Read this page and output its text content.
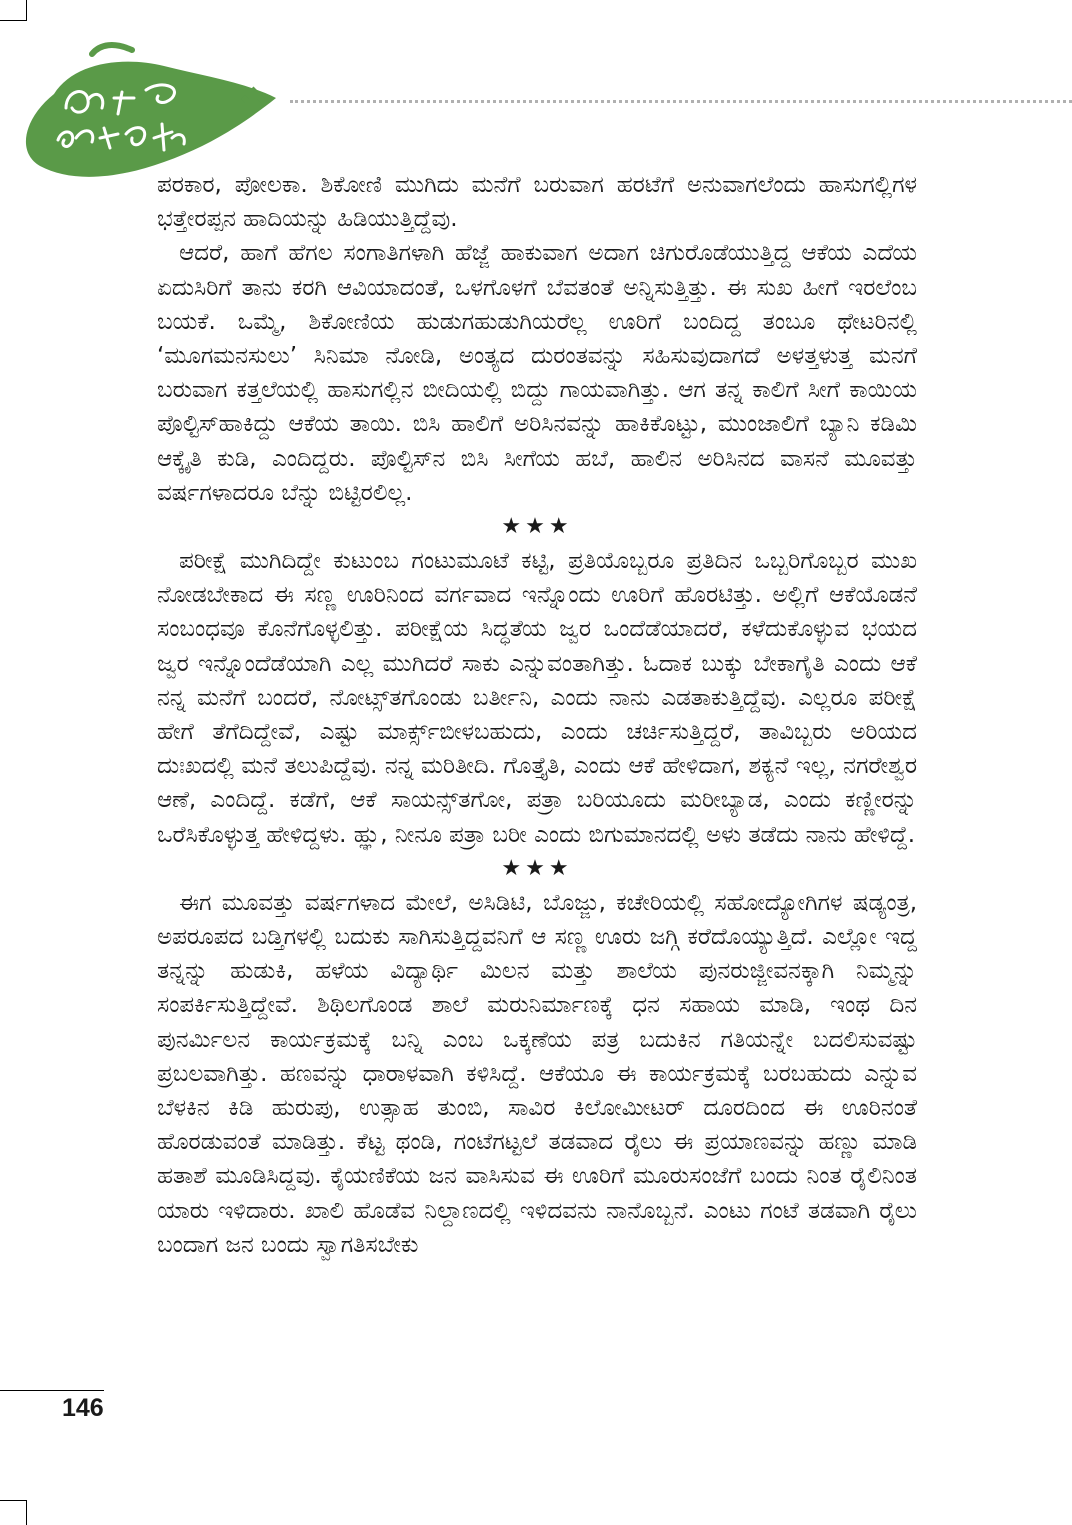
ಪರಕಾರ, ಪೋಲಕಾ. ಶಿಕೋಣಿ ಮುಗಿದು ಮನೆಗೆ ಬರುವಾಗ ಹರಟೆಗೆ ಅನುವಾಗಲೆಂದು ಹಾಸುಗಲ್ಲಿಗಳ ಭತ್ತೇರಪ್ಪನ ಹಾದಿಯನ್ನು ಹಿಡಿಯುತ್ತಿದ್ದೆವು.

ಆದರೆ, ಹಾಗೆ ಹೆಗಲ ಸಂಗಾತಿಗಳಾಗಿ ಹೆಜ್ಜೆ ಹಾಕುವಾಗ ಅದಾಗ ಚಿಗುರೊಡೆಯುತ್ತಿದ್ದ ಆಕೆಯ ಎದೆಯ ಏದುಸಿರಿಗೆ ತಾನು ಕರಗಿ ಆವಿಯಾದಂತೆ, ಒಳಗೊಳಗೆ ಬೆವತಂತೆ ಅನ್ನಿಸುತ್ತಿತ್ತು. ಈ ಸುಖ ಹೀಗೆ ಇರಲೆಂಬ ಬಯಕೆ. ಒಮ್ಮೆ, ಶಿಕೋಣಿಯ ಹುಡುಗಹುಡುಗಿಯರೆಲ್ಲ ಊರಿಗೆ ಬಂದಿದ್ದ ತಂಬೂ ಥೇಟರಿನಲ್ಲಿ ‘ಮೂಗಮನಸುಲು’ ಸಿನಿಮಾ ನೋಡಿ, ಅಂತ್ಯದ ದುರಂತವನ್ನು ಸಹಿಸುವುದಾಗದೆ ಅಳತ್ತಳುತ್ತ ಮನಗೆ ಬರುವಾಗ ಕತ್ತಲೆಯಲ್ಲಿ ಹಾಸುಗಲ್ಲಿನ ಬೀದಿಯಲ್ಲಿ ಬಿದ್ದು ಗಾಯವಾಗಿತ್ತು. ಆಗ ತನ್ನ ಕಾಲಿಗೆ ಸೀಗೆ ಕಾಯಿಯ ಪೊಲ್ಟಿಸ್‌ಹಾಕಿದ್ದು ಆಕೆಯ ತಾಯಿ. ಬಿಸಿ ಹಾಲಿಗೆ ಅರಿಸಿನವನ್ನು ಹಾಕಿಕೊಟ್ಟು, ಮುಂಜಾಲಿಗೆ ಬ್ಯಾನಿ ಕಡಿಮಿ ಆಕ್ಕೈತಿ ಕುಡಿ, ಎಂದಿದ್ದರು. ಪೊಲ್ಟಿಸ್‌ನ ಬಿಸಿ ಸೀಗೆಯ ಹಬೆ, ಹಾಲಿನ ಅರಿಸಿನದ ವಾಸನೆ ಮೂವತ್ತು ವರ್ಷಗಳಾದರೂ ಬೆನ್ನು ಬಿಟ್ಟಿರಲಿಲ್ಲ.

★★★

ಪರೀಕ್ಷೆ ಮುಗಿದಿದ್ದೇ ಕುಟುಂಬ ಗಂಟುಮೂಟೆ ಕಟ್ಟಿ, ಪ್ರತಿಯೊಬ್ಬರೂ ಪ್ರತಿದಿನ ಒಬ್ಬರಿಗೊಬ್ಬರ ಮುಖ ನೋಡಬೇಕಾದ ಈ ಸಣ್ಣ ಊರಿನಿಂದ ವರ್ಗವಾದ ಇನ್ನೊಂದು ಊರಿಗೆ ಹೊರಟಿತ್ತು. ಅಲ್ಲಿಗೆ ಆಕೆಯೊಡನೆ ಸಂಬಂಧವೂ ಕೊನೆಗೊಳ್ಳಲಿತ್ತು. ಪರೀಕ್ಷೆಯ ಸಿದ್ಧತೆಯ ಜ್ವರ ಒಂದೆಡೆಯಾದರೆ, ಕಳೆದುಕೊಳ್ಳುವ ಭಯದ ಜ್ವರ ಇನ್ನೊಂದೆಡೆಯಾಗಿ ಎಲ್ಲ ಮುಗಿದರೆ ಸಾಕು ಎನ್ನುವಂತಾಗಿತ್ತು. ಓದಾಕ ಬುಕ್ಕು ಬೇಕಾಗೈತಿ ಎಂದು ಆಕೆ ನನ್ನ ಮನೆಗೆ ಬಂದರೆ, ನೋಟ್ಸ್‌ತಗೊಂಡು ಬರ್ತೀನಿ, ಎಂದು ನಾನು ಎಡತಾಕುತ್ತಿದ್ದೆವು. ಎಲ್ಲರೂ ಪರೀಕ್ಷೆ ಹೇಗೆ ತೆಗೆದಿದ್ದೇವೆ, ಎಷ್ಟು ಮಾರ್ಕ್ಸ್‌ಬೀಳಬಹುದು, ಎಂದು ಚರ್ಚಿಸುತ್ತಿದ್ದರೆ, ತಾವಿಬ್ಬರು ಅರಿಯದ ದುಃಖದಲ್ಲಿ ಮನೆ ತಲುಪಿದ್ದೆವು. ನನ್ನ ಮರಿತೀದಿ. ಗೊತ್ತೈತಿ, ಎಂದು ಆಕೆ ಹೇಳಿದಾಗ, ಶಕ್ಯನೆ ಇಲ್ಲ, ನಗರೇಶ್ವರ ಆಣೆ, ಎಂದಿದ್ದೆ. ಕಡೆಗೆ, ಆಕೆ ಸಾಯನ್ಸ್‌ತಗೋ, ಪತ್ರಾ ಬರಿಯೂದು ಮರೀಬ್ಯಾಡ, ಎಂದು ಕಣ್ಣೀರನ್ನು ಒರೆಸಿಕೊಳ್ಳುತ್ತ ಹೇಳಿದ್ದಳು. ಹ್ಞು, ನೀನೂ ಪತ್ರಾ ಬರೀ ಎಂದು ಬಿಗುಮಾನದಲ್ಲಿ ಅಳು ತಡೆದು ನಾನು ಹೇಳಿದ್ದೆ.

★★★

ಈಗ ಮೂವತ್ತು ವರ್ಷಗಳಾದ ಮೇಲೆ, ಅಸಿಡಿಟಿ, ಬೊಜ್ಜು, ಕಚೇರಿಯಲ್ಲಿ ಸಹೋದ್ಯೋಗಿಗಳ ಷಡ್ಯಂತ್ರ, ಅಪರೂಪದ ಬಡ್ತಿಗಳಲ್ಲಿ ಬದುಕು ಸಾಗಿಸುತ್ತಿದ್ದವನಿಗೆ ಆ ಸಣ್ಣ ಊರು ಜಗ್ಗಿ ಕರೆದೊಯ್ಯುತ್ತಿದೆ. ಎಲ್ಲೋ ಇದ್ದ ತನ್ನನ್ನು ಹುಡುಕಿ, ಹಳೆಯ ವಿದ್ಯಾರ್ಥಿ ಮಿಲನ ಮತ್ತು ಶಾಲೆಯ ಪುನರುಜ್ಜೀವನಕ್ಕಾಗಿ ನಿಮ್ಮನ್ನು ಸಂಪರ್ಕಿಸುತ್ತಿದ್ದೇವೆ. ಶಿಥಿಲಗೊಂಡ ಶಾಲೆ ಮರುನಿರ್ಮಾಣಕ್ಕೆ ಧನ ಸಹಾಯ ಮಾಡಿ, ಇಂಥ ದಿನ ಪುನರ್ಮಿಲನ ಕಾರ್ಯಕ್ರಮಕ್ಕೆ ಬನ್ನಿ ಎಂಬ ಒಕ್ಕಣೆಯ ಪತ್ರ ಬದುಕಿನ ಗತಿಯನ್ನೇ ಬದಲಿಸುವಷ್ಟು ಪ್ರಬಲವಾಗಿತ್ತು. ಹಣವನ್ನು ಧಾರಾಳವಾಗಿ ಕಳಿಸಿದ್ದೆ. ಆಕೆಯೂ ಈ ಕಾರ್ಯಕ್ರಮಕ್ಕೆ ಬರಬಹುದು ಎನ್ನುವ ಬೆಳಕಿನ ಕಿಡಿ ಹುರುಪು, ಉತ್ಸಾಹ ತುಂಬಿ, ಸಾವಿರ ಕಿಲೋಮೀಟರ್ ದೂರದಿಂದ ಈ ಊರಿನಂತೆ ಹೊರಡುವಂತೆ ಮಾಡಿತ್ತು. ಕೆಟ್ಟ ಥಂಡಿ, ಗಂಟೆಗಟ್ಟಲೆ ತಡವಾದ ರೈಲು ಈ ಪ್ರಯಾಣವನ್ನು ಹಣ್ಣು ಮಾಡಿ ಹತಾಶೆ ಮೂಡಿಸಿದ್ದವು. ಕೈಯಣಿಕೆಯ ಜನ ವಾಸಿಸುವ ಈ ಊರಿಗೆ ಮೂರುಸಂಜೆಗೆ ಬಂದು ನಿಂತ ರೈಲಿನಿಂತ ಯಾರು ಇಳಿದಾರು. ಖಾಲಿ ಹೊಡೆವ ನಿಲ್ದಾಣದಲ್ಲಿ ಇಳಿದವನು ನಾನೊಬ್ಬನೆ. ಎಂಟು ಗಂಟೆ ತಡವಾಗಿ ರೈಲು ಬಂದಾಗ ಜನ ಬಂದು ಸ್ವಾಗತಿಸಬೇಕು

146
